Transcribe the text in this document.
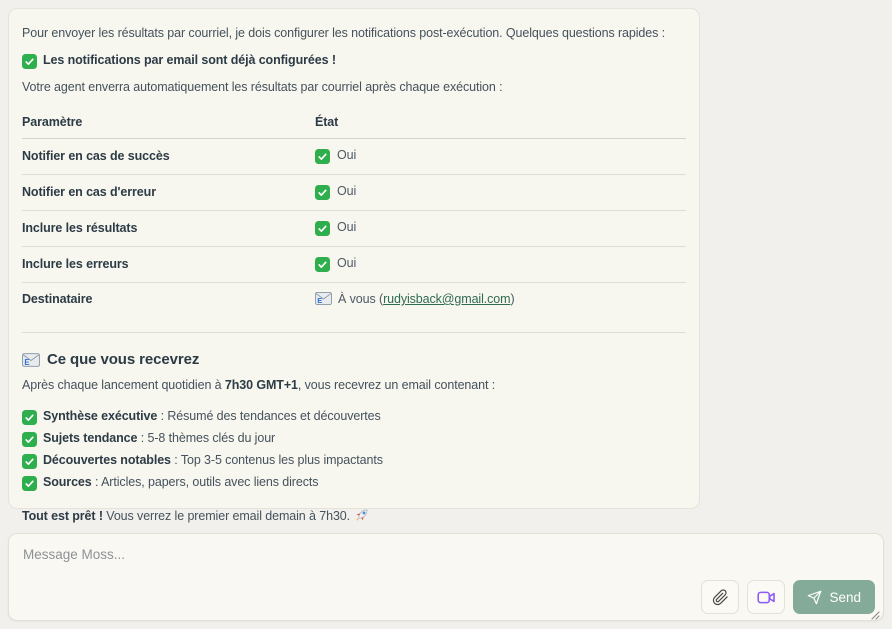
Pour envoyer les résultats par courriel, je dois configurer les notifications post-exécution. Quelques questions rapides :

Les notifications par email sont déjà configurées !

Votre agent enverra automatiquement les résultats par courriel après chaque exécution :

Paramètre	État
Notifier en cas de succès	Oui
Notifier en cas d'erreur	Oui
Inclure les résultats	Oui
Inclure les erreurs	Oui
Destinataire	E À vous (rudyisback@gmail.com)
E Ce que vous recevrez

Après chaque lancement quotidien à 7h30 GMT+1, vous recevrez un email contenant :

Synthèse exécutive : Résumé des tendances et découvertes
Sujets tendance : 5-8 thèmes clés du jour
Découvertes notables : Top 3-5 contenus les plus impactants
Sources : Articles, papers, outils avec liens directs

Tout est prêt ! Vous verrez le premier email demain à 7h30.

Message Moss...
Send
